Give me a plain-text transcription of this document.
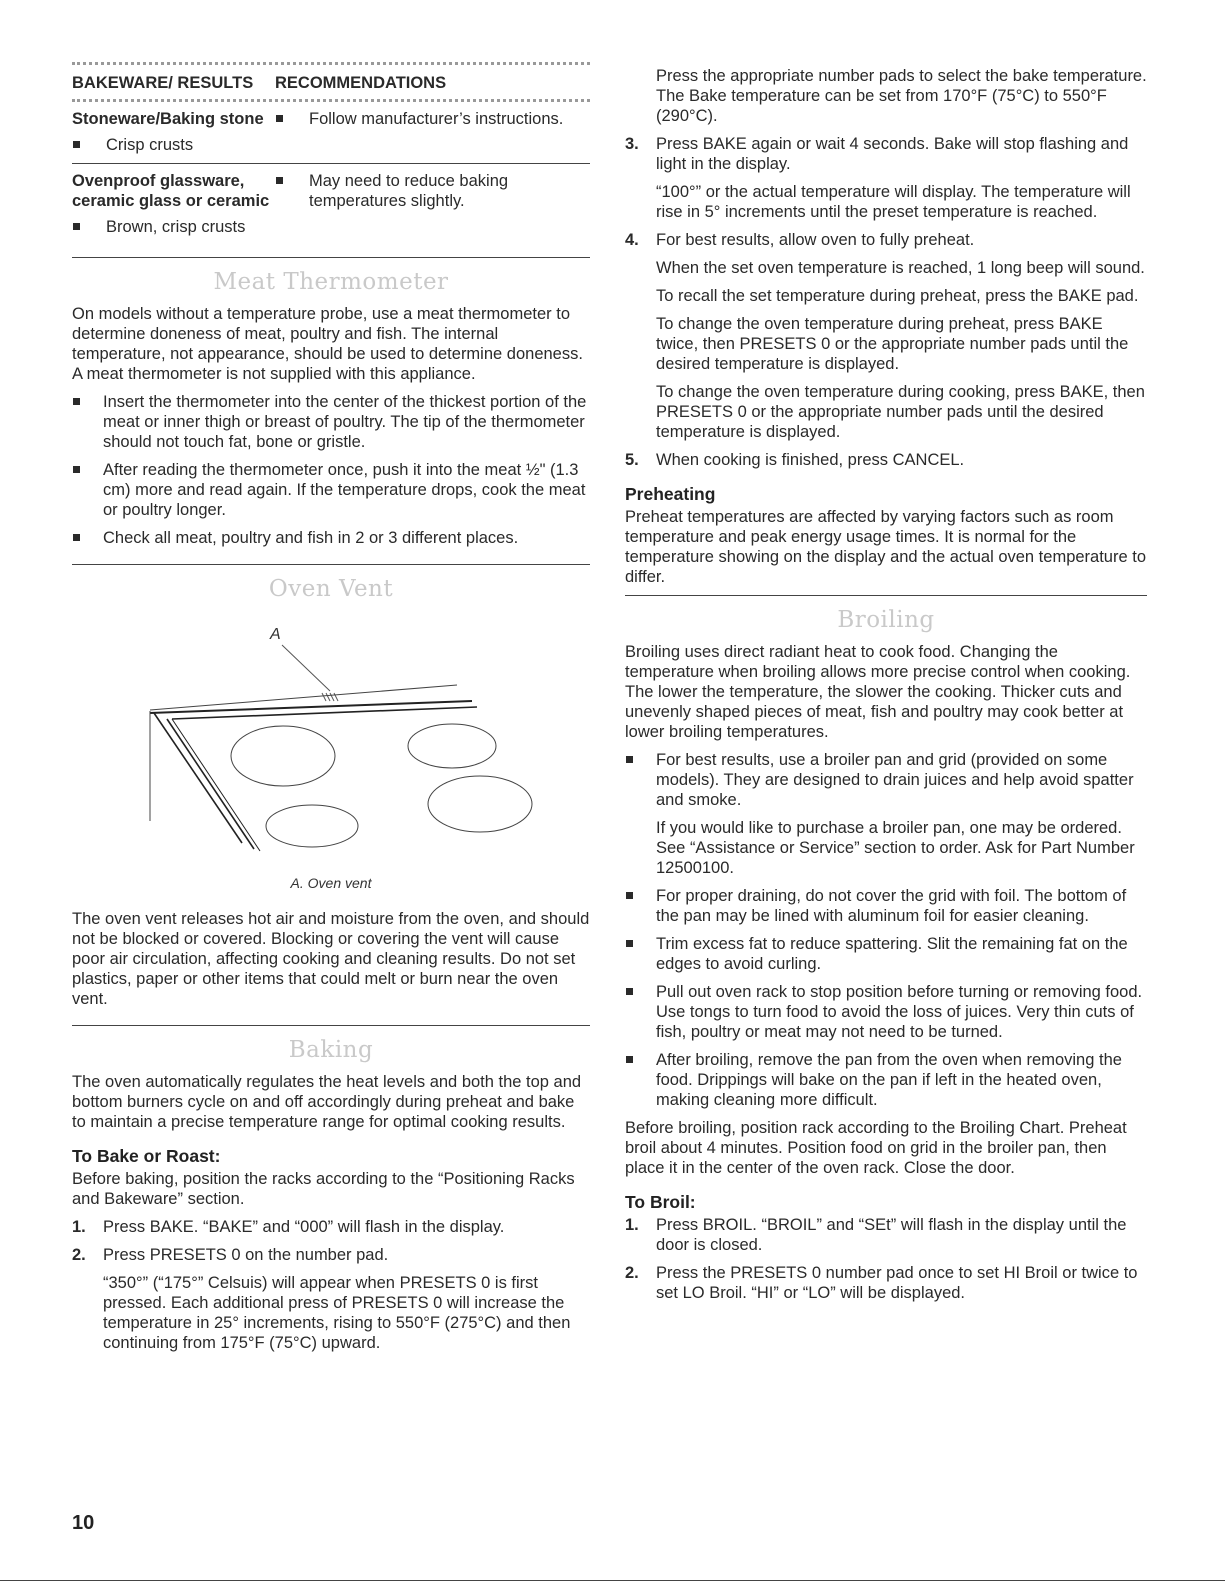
BAKEWARE/ RESULTS	RECOMMENDATIONS
Stoneware/Baking stone
Crisp crusts
Follow manufacturer’s instructions.
Ovenproof glassware, ceramic glass or ceramic
Brown, crisp crusts
May need to reduce baking temperatures slightly.
Meat Thermometer

On models without a temperature probe, use a meat thermometer to determine doneness of meat, poultry and fish. The internal temperature, not appearance, should be used to determine doneness. A meat thermometer is not supplied with this appliance.

Insert the thermometer into the center of the thickest portion of the meat or inner thigh or breast of poultry. The tip of the thermometer should not touch fat, bone or gristle.
After reading the thermometer once, push it into the meat ½" (1.3 cm) more and read again. If the temperature drops, cook the meat or poultry longer.
Check all meat, poultry and fish in 2 or 3 different places.
Oven Vent
A
A. Oven vent

The oven vent releases hot air and moisture from the oven, and should not be blocked or covered. Blocking or covering the vent will cause poor air circulation, affecting cooking and cleaning results. Do not set plastics, paper or other items that could melt or burn near the oven vent.

Baking

The oven automatically regulates the heat levels and both the top and bottom burners cycle on and off accordingly during preheat and bake to maintain a precise temperature range for optimal cooking results.

To Bake or Roast:

Before baking, position the racks according to the “Positioning Racks and Bakeware” section.

1. Press BAKE. “BAKE” and “000” will flash in the display.
2. Press PRESETS 0 on the number pad.
“350°” (“175°” Celsuis) will appear when PRESETS 0 is first pressed. Each additional press of PRESETS 0 will increase the temperature in 25° increments, rising to 550°F (275°C) and then continuing from 175°F (75°C) upward.
Press the appropriate number pads to select the bake temperature. The Bake temperature can be set from 170°F (75°C) to 550°F (290°C).
3. Press BAKE again or wait 4 seconds. Bake will stop flashing and light in the display.
“100°” or the actual temperature will display. The temperature will rise in 5° increments until the preset temperature is reached.
4. For best results, allow oven to fully preheat.
When the set oven temperature is reached, 1 long beep will sound.
To recall the set temperature during preheat, press the BAKE pad.
To change the oven temperature during preheat, press BAKE twice, then PRESETS 0 or the appropriate number pads until the desired temperature is displayed.
To change the oven temperature during cooking, press BAKE, then PRESETS 0 or the appropriate number pads until the desired temperature is displayed.
5. When cooking is finished, press CANCEL.
Preheating

Preheat temperatures are affected by varying factors such as room temperature and peak energy usage times. It is normal for the temperature showing on the display and the actual oven temperature to differ.

Broiling

Broiling uses direct radiant heat to cook food. Changing the temperature when broiling allows more precise control when cooking. The lower the temperature, the slower the cooking. Thicker cuts and unevenly shaped pieces of meat, fish and poultry may cook better at lower broiling temperatures.

For best results, use a broiler pan and grid (provided on some models). They are designed to drain juices and help avoid spatter and smoke.
If you would like to purchase a broiler pan, one may be ordered. See “Assistance or Service” section to order. Ask for Part Number 12500100.
For proper draining, do not cover the grid with foil. The bottom of the pan may be lined with aluminum foil for easier cleaning.
Trim excess fat to reduce spattering. Slit the remaining fat on the edges to avoid curling.
Pull out oven rack to stop position before turning or removing food. Use tongs to turn food to avoid the loss of juices. Very thin cuts of fish, poultry or meat may not need to be turned.
After broiling, remove the pan from the oven when removing the food. Drippings will bake on the pan if left in the heated oven, making cleaning more difficult.

Before broiling, position rack according to the Broiling Chart. Preheat broil about 4 minutes. Position food on grid in the broiler pan, then place it in the center of the oven rack. Close the door.

To Broil:
1. Press BROIL. “BROIL” and “SEt” will flash in the display until the door is closed.
2. Press the PRESETS 0 number pad once to set HI Broil or twice to set LO Broil. “HI” or “LO” will be displayed.
10
